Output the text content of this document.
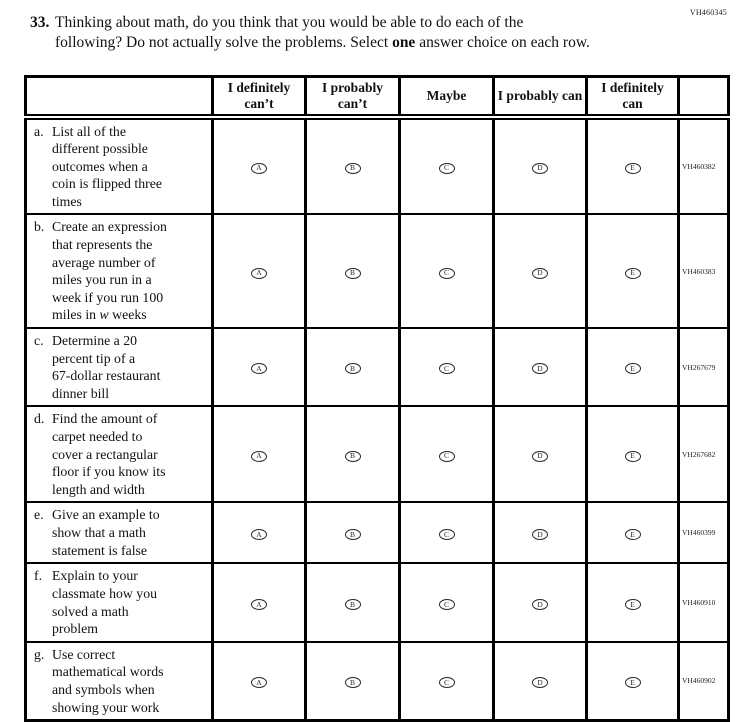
VH460345
33. Thinking about math, do you think that you would be able to do each of the
following? Do not actually solve the problems. Select one answer choice on each row.
	I definitely can’t	I probably can’t	Maybe	I probably can	I definitely can	
a. List all of the
different possible
outcomes when a
coin is flipped three
times	A	B	C	D	E	VH460382
b. Create an expression
that represents the
average number of
miles you run in a
week if you run 100
miles in w weeks	A	B	C	D	E	VH460383
c. Determine a 20
percent tip of a
67-dollar restaurant
dinner bill	A	B	C	D	E	VH267679
d. Find the amount of
carpet needed to
cover a rectangular
floor if you know its
length and width	A	B	C	D	E	VH267682
e. Give an example to
show that a math
statement is false	A	B	C	D	E	VH460399
f. Explain to your
classmate how you
solved a math
problem	A	B	C	D	E	VH460910
g. Use correct
mathematical words
and symbols when
showing your work	A	B	C	D	E	VH460902
